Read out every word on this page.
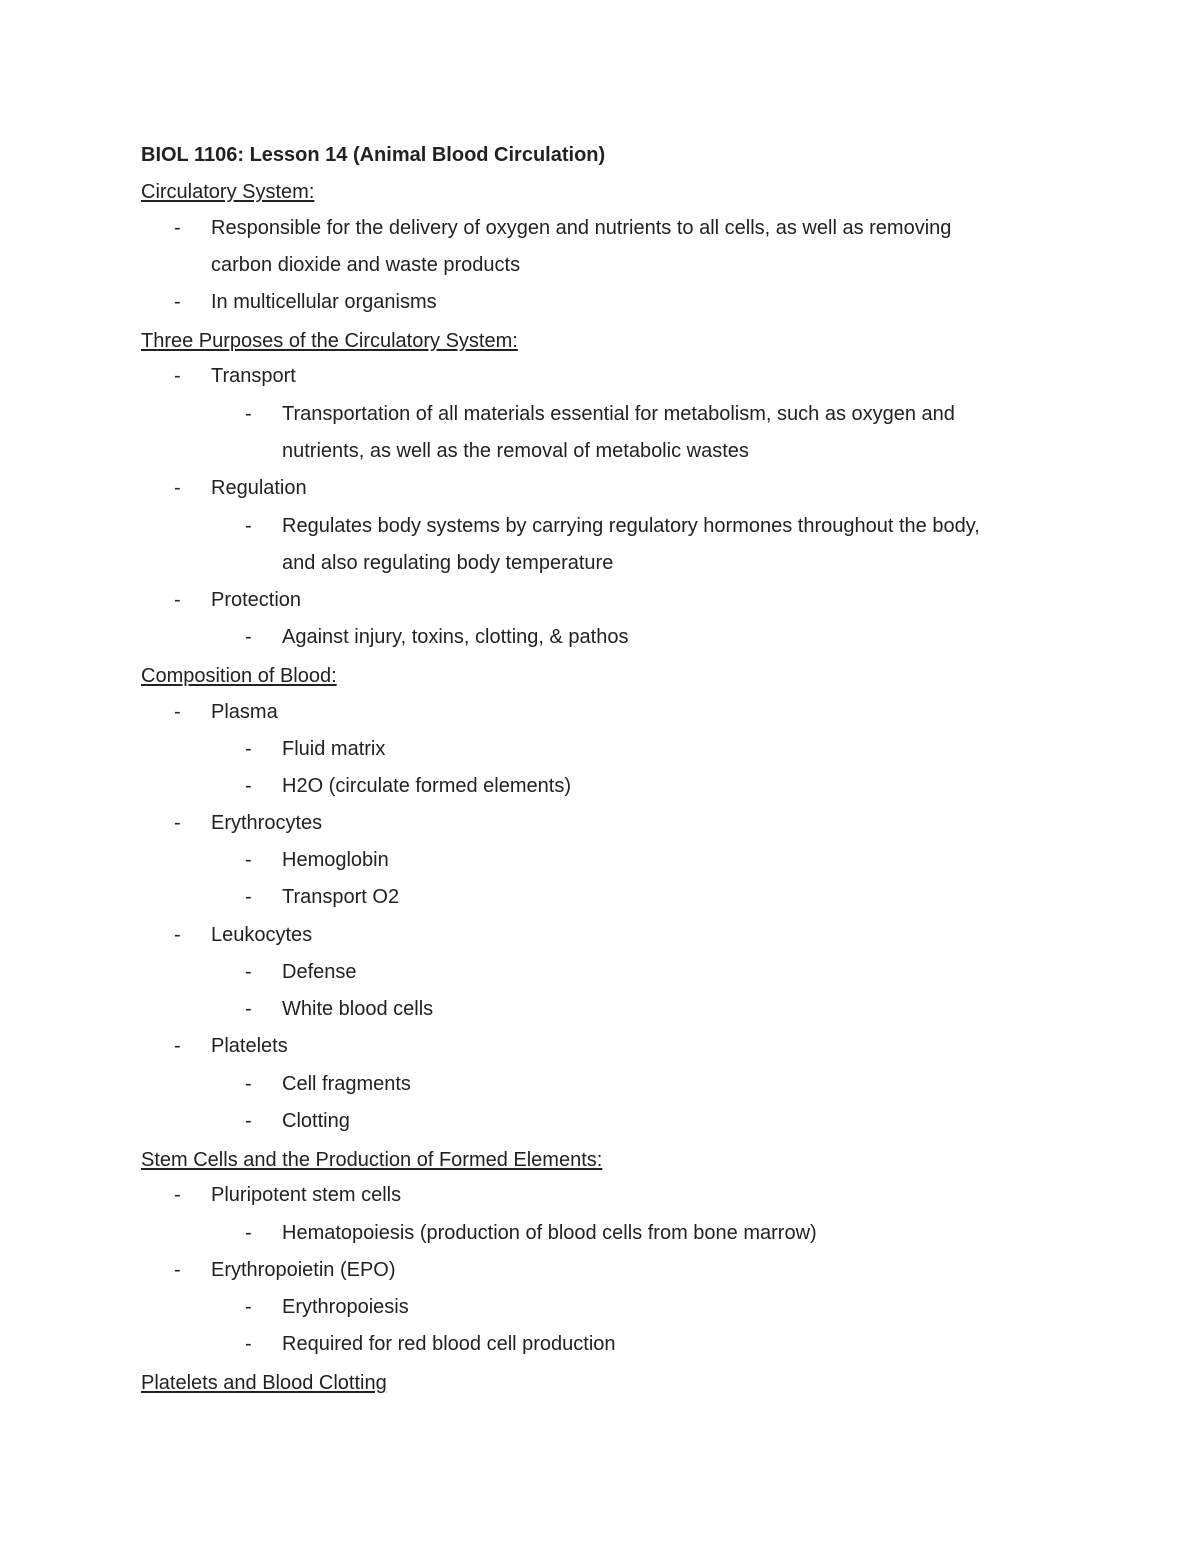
BIOL 1106: Lesson 14 (Animal Blood Circulation)
Circulatory System:
- Responsible for the delivery of oxygen and nutrients to all cells, as well as removing
carbon dioxide and waste products
- In multicellular organisms
Three Purposes of the Circulatory System:
- Transport
- Transportation of all materials essential for metabolism, such as oxygen and
nutrients, as well as the removal of metabolic wastes
- Regulation
- Regulates body systems by carrying regulatory hormones throughout the body,
and also regulating body temperature
- Protection
- Against injury, toxins, clotting, & pathos
Composition of Blood:
- Plasma
- Fluid matrix
- H2O (circulate formed elements)
- Erythrocytes
- Hemoglobin
- Transport O2
- Leukocytes
- Defense
- White blood cells
- Platelets
- Cell fragments
- Clotting
Stem Cells and the Production of Formed Elements:
- Pluripotent stem cells
- Hematopoiesis (production of blood cells from bone marrow)
- Erythropoietin (EPO)
- Erythropoiesis
- Required for red blood cell production
Platelets and Blood Clotting
